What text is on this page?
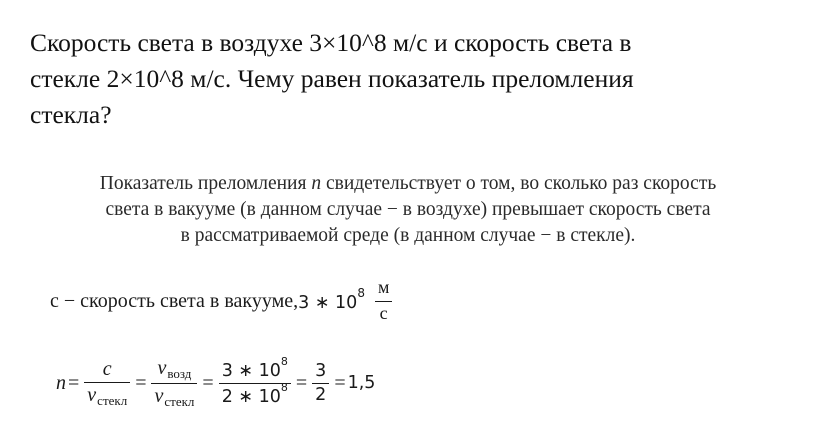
Скорость света в воздухе 3×10^8 м/с и скорость света в
стекле 2×10^8 м/с. Чему равен показатель преломления
стекла?
Показатель преломления n свидетельствует о том, во сколько раз скорость
света в вакууме (в данном случае − в воздухе) превышает скорость света
в рассматриваемой среде (в данном случае − в стекле).
с − скорость света в вакууме, 3 ∗ $10^8 \frac{м}{с}$
$n = \frac{c}{v_{стекл}} = \frac{v_{возд}}{v_{стекл}} = \frac{3 ∗ 10^8}{2 ∗ 10^8} = \frac{3}{2} = 1,5$
